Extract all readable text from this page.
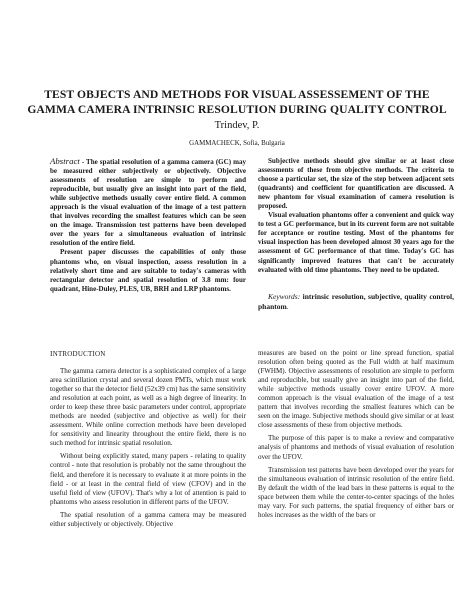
TEST OBJECTS AND METHODS FOR VISUAL ASSESSEMENT OF THE GAMMA CAMERA INTRINSIC RESOLUTION DURING QUALITY CONTROL
Trindev, P.
GAMMACHECK, Sofia, Bulgaria

Abstract - The spatial resolution of a gamma camera (GC) may be measured either subjectively or objectively. Objective assessments of resolution are simple to perform and reproducible, but usually give an insight into part of the field, while subjective methods usually cover entire field. A common approach is the visual evaluation of the image of a test pattern that involves recording the smallest features which can be seen on the image. Transmission test patterns have been developed over the years for a simultaneous evaluation of intrinsic resolution of the entire field.

Present paper discusses the capabilities of only those phantoms who, on visual inspection, assess resolution in a relatively short time and are suitable to today's cameras with rectangular detector and spatial resolution of 3.8 mm: four quadrant, Hine-Duley, PLES, UB, BRH and LRP phantoms.

Subjective methods should give similar or at least close assessments of these from objective methods. The criteria to choose a particular set, the size of the step between adjacent sets (quadrants) and coefficient for quantification are discussed. A new phantom for visual examination of camera resolution is proposed.

Visual evaluation phantoms offer a convenient and quick way to test a GC performance, but in its current form are not suitable for acceptance or routine testing. Most of the phantoms for visual inspection has been developed almost 30 years ago for the assessment of GC performance of that time. Today's GC has significantly improved features that can't be accurately evaluated with old time phantoms. They need to be updated.

Keywords: intrinsic resolution, subjective, quality control, phantom.

INTRODUCTION

The gamma camera detector is a sophisticated complex of a large area scintillation crystal and several dozen PMTs, which must work together so that the detector field (52x39 cm) has the same sensitivity and resolution at each point, as well as a high degree of linearity. In order to keep these three basic parameters under control, appropriate methods are needed (subjective and objective as well) for their assessment. While online correction methods have been developed for sensitivity and linearity throughout the entire field, there is no such method for intrinsic spatial resolution.

Without being explicitly stated, many papers - relating to quality control - note that resolution is probably not the same throughout the field, and therefore it is necessary to evaluate it at more points in the field - or at least in the central field of view (CFOV) and in the useful field of view (UFOV). That's why a lot of attention is paid to phantoms who assess resolution in different parts of the UFOV.

The spatial resolution of a gamma camera may be measured either subjectively or objectively. Objective

measures are based on the point or line spread function, spatial resolution often being quoted as the Full width at half maximum (FWHM). Objective assessments of resolution are simple to perform and reproducible, but usually give an insight into part of the field, while subjective methods usually cover entire UFOV. A more common approach is the visual evaluation of the image of a test pattern that involves recording the smallest features which can be seen on the image. Subjective methods should give similar or at least close assessments of these from objective methods.

The purpose of this paper is to make a review and comparative analysis of phantoms and methods of visual evaluation of resolution over the UFOV.

Transmission test patterns have been developed over the years for the simultaneous evaluation of intrinsic resolution of the entire field. By default the width of the lead bars in these patterns is equal to the space between them while the center-to-center spacings of the holes may vary. For such patterns, the spatial frequency of either bars or holes increases as the width of the bars or
